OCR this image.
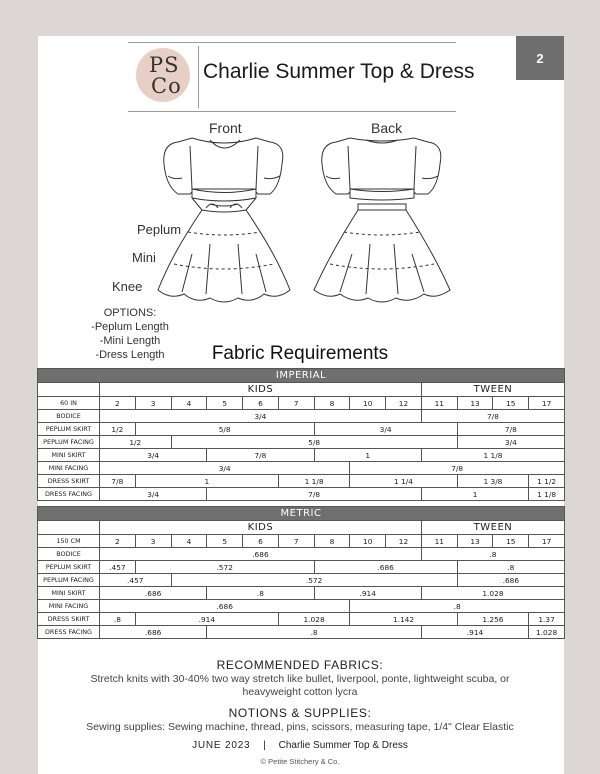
2
PS
Co
Charlie Summer Top & Dress
Front	Back
Peplum
Mini
Knee
OPTIONS:
-Peplum Length
-Mini Length
-Dress Length	Fabric Requirements
IMPERIAL													
	KIDS									TWEEN			
60 IN	2	3	4	5	6	7	8	10	12	11	13	15	17
BODICE	3/4									7/8			
PEPLUM SKIRT	1/2	5/8					3/4				7/8		
PEPLUM FACING	1/2		5/8								3/4		
MINI SKIRT	3/4			7/8			1			1 1/8			
MINI FACING	3/4							7/8					
DRESS SKIRT	7/8	1				1 1/8		1 1/4			1 3/8		1 1/2
DRESS FACING	3/4			7/8						1			1 1/8
METRIC													
	KIDS									TWEEN			
150 CM	2	3	4	5	6	7	8	10	12	11	13	15	17
BODICE	.686									.8			
PEPLUM SKIRT	.457	.572					.686				.8		
PEPLUM FACING	.457		.572								.686		
MINI SKIRT	.686			.8			.914			1.028			
MINI FACING	.686							.8					
DRESS SKIRT	.8	.914				1.028		1.142			1.256		1.37
DRESS FACING	.686			.8						.914			1.028
RECOMMENDED FABRICS:
Stretch knits with 30-40% two way stretch like bullet, liverpool, ponte, lightweight scuba, or heavyweight cotton lycra
NOTIONS & SUPPLIES:
Sewing supplies: Sewing machine, thread, pins, scissors, measuring tape, 1/4" Clear Elastic
JUNE 2023 | Charlie Summer Top & Dress
© Petite Stitchery & Co.
